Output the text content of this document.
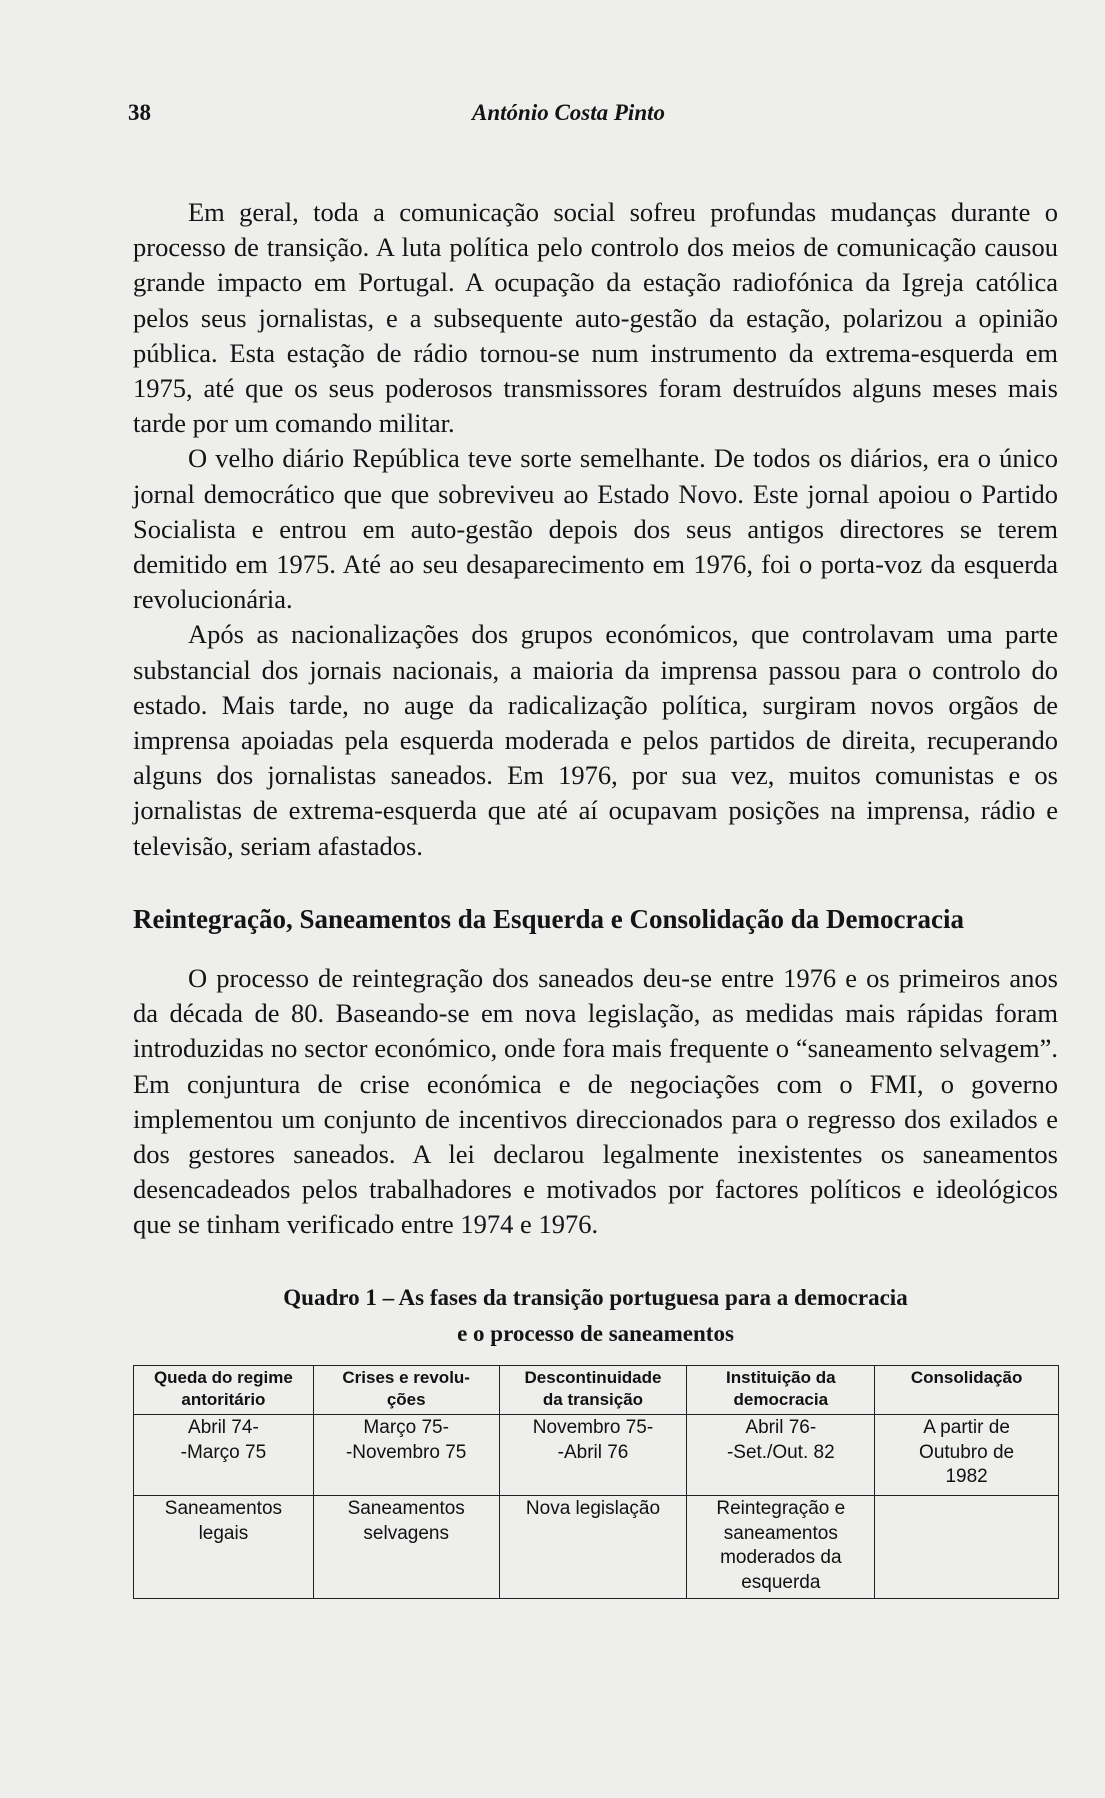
38	António Costa Pinto

Em geral, toda a comunicação social sofreu profundas mudanças durante o processo de transição. A luta política pelo controlo dos meios de comunicação causou grande impacto em Portugal. A ocupação da estação radiofónica da Igreja católica pelos seus jornalistas, e a subsequente auto-gestão da estação, polarizou a opinião pública. Esta estação de rádio tornou-se num instrumento da extrema-esquerda em 1975, até que os seus poderosos transmissores foram destruídos alguns meses mais tarde por um comando militar.

O velho diário República teve sorte semelhante. De todos os diários, era o único jornal democrático que que sobreviveu ao Estado Novo. Este jornal apoiou o Partido Socialista e entrou em auto-gestão depois dos seus antigos directores se terem demitido em 1975. Até ao seu desaparecimento em 1976, foi o porta-voz da esquerda revolucionária.

Após as nacionalizações dos grupos económicos, que controlavam uma parte substancial dos jornais nacionais, a maioria da imprensa passou para o controlo do estado. Mais tarde, no auge da radicalização política, surgiram novos orgãos de imprensa apoiadas pela esquerda moderada e pelos partidos de direita, recuperando alguns dos jornalistas saneados. Em 1976, por sua vez, muitos comunistas e os jornalistas de extrema-esquerda que até aí ocupavam posições na imprensa, rádio e televisão, seriam afastados.

Reintegração, Saneamentos da Esquerda e Consolidação da Democracia

O processo de reintegração dos saneados deu-se entre 1976 e os primeiros anos da década de 80. Baseando-se em nova legislação, as medidas mais rápidas foram introduzidas no sector económico, onde fora mais frequente o “saneamento selvagem”. Em conjuntura de crise económica e de negociações com o FMI, o governo implementou um conjunto de incentivos direccionados para o regresso dos exilados e dos gestores saneados. A lei declarou legalmente inexistentes os saneamentos desencadeados pelos trabalhadores e motivados por factores políticos e ideológicos que se tinham verificado entre 1974 e 1976.

Quadro 1 – As fases da transição portuguesa para a democracia
e o processo de saneamentos
Queda do regime
antoritário	Crises e revolu-
ções	Descontinuidade
da transição	Instituição da
democracia	Consolidação

Abril 74-
-Março 75	Março 75-
-Novembro 75	Novembro 75-
-Abril 76	Abril 76-
-Set./Out. 82	A partir de
Outubro de
1982

Saneamentos
legais	Saneamentos
selvagens	Nova legislação	Reintegração e
saneamentos
moderados da
esquerda	
